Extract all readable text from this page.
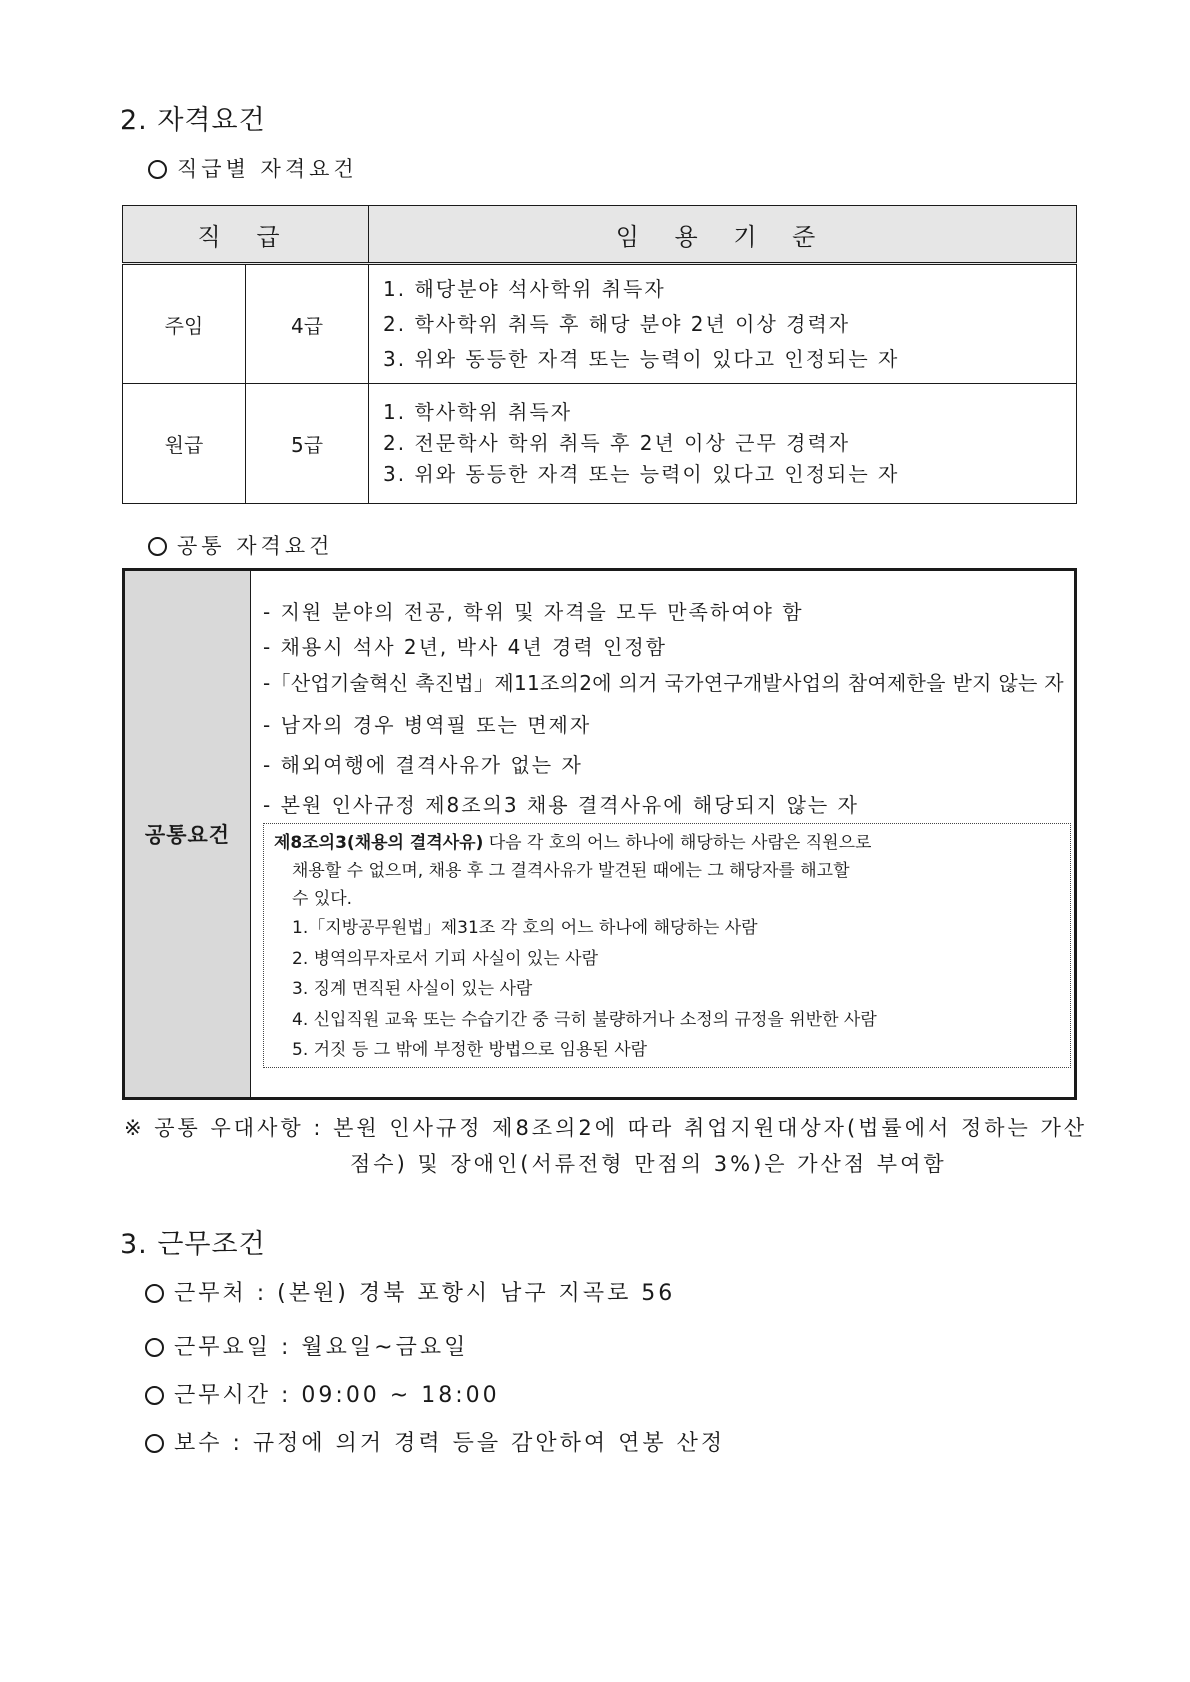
2. 자격요건
직급별 자격요건
직 급		임 용 기 준
주임	4급	1. 해당분야 석사학위 취득자
2. 학사학위 취득 후 해당 분야 2년 이상 경력자
3. 위와 동등한 자격 또는 능력이 있다고 인정되는 자

원급	5급	1. 학사학위 취득자
2. 전문학사 학위 취득 후 2년 이상 근무 경력자
3. 위와 동등한 자격 또는 능력이 있다고 인정되는 자
공통 자격요건
공통요건
- 지원 분야의 전공, 학위 및 자격을 모두 만족하여야 함
- 채용시 석사 2년, 박사 4년 경력 인정함
-「산업기술혁신 촉진법」제11조의2에 의거 국가연구개발사업의 참여제한을 받지 않는 자
- 남자의 경우 병역필 또는 면제자
- 해외여행에 결격사유가 없는 자
- 본원 인사규정 제8조의3 채용 결격사유에 해당되지 않는 자
제8조의3(채용의 결격사유) 다음 각 호의 어느 하나에 해당하는 사람은 직원으로
채용할 수 없으며, 채용 후 그 결격사유가 발견된 때에는 그 해당자를 해고할
수 있다.
1.「지방공무원법」제31조 각 호의 어느 하나에 해당하는 사람
2. 병역의무자로서 기피 사실이 있는 사람
3. 징계 면직된 사실이 있는 사람
4. 신입직원 교육 또는 수습기간 중 극히 불량하거나 소정의 규정을 위반한 사람
5. 거짓 등 그 밖에 부정한 방법으로 임용된 사람
※ 공통 우대사항 : 본원 인사규정 제8조의2에 따라 취업지원대상자(법률에서 정하는 가산
점수) 및 장애인(서류전형 만점의 3%)은 가산점 부여함
3. 근무조건
근무처 : (본원) 경북 포항시 남구 지곡로 56
근무요일 : 월요일~금요일
근무시간 : 09:00 ~ 18:00
보수 : 규정에 의거 경력 등을 감안하여 연봉 산정
